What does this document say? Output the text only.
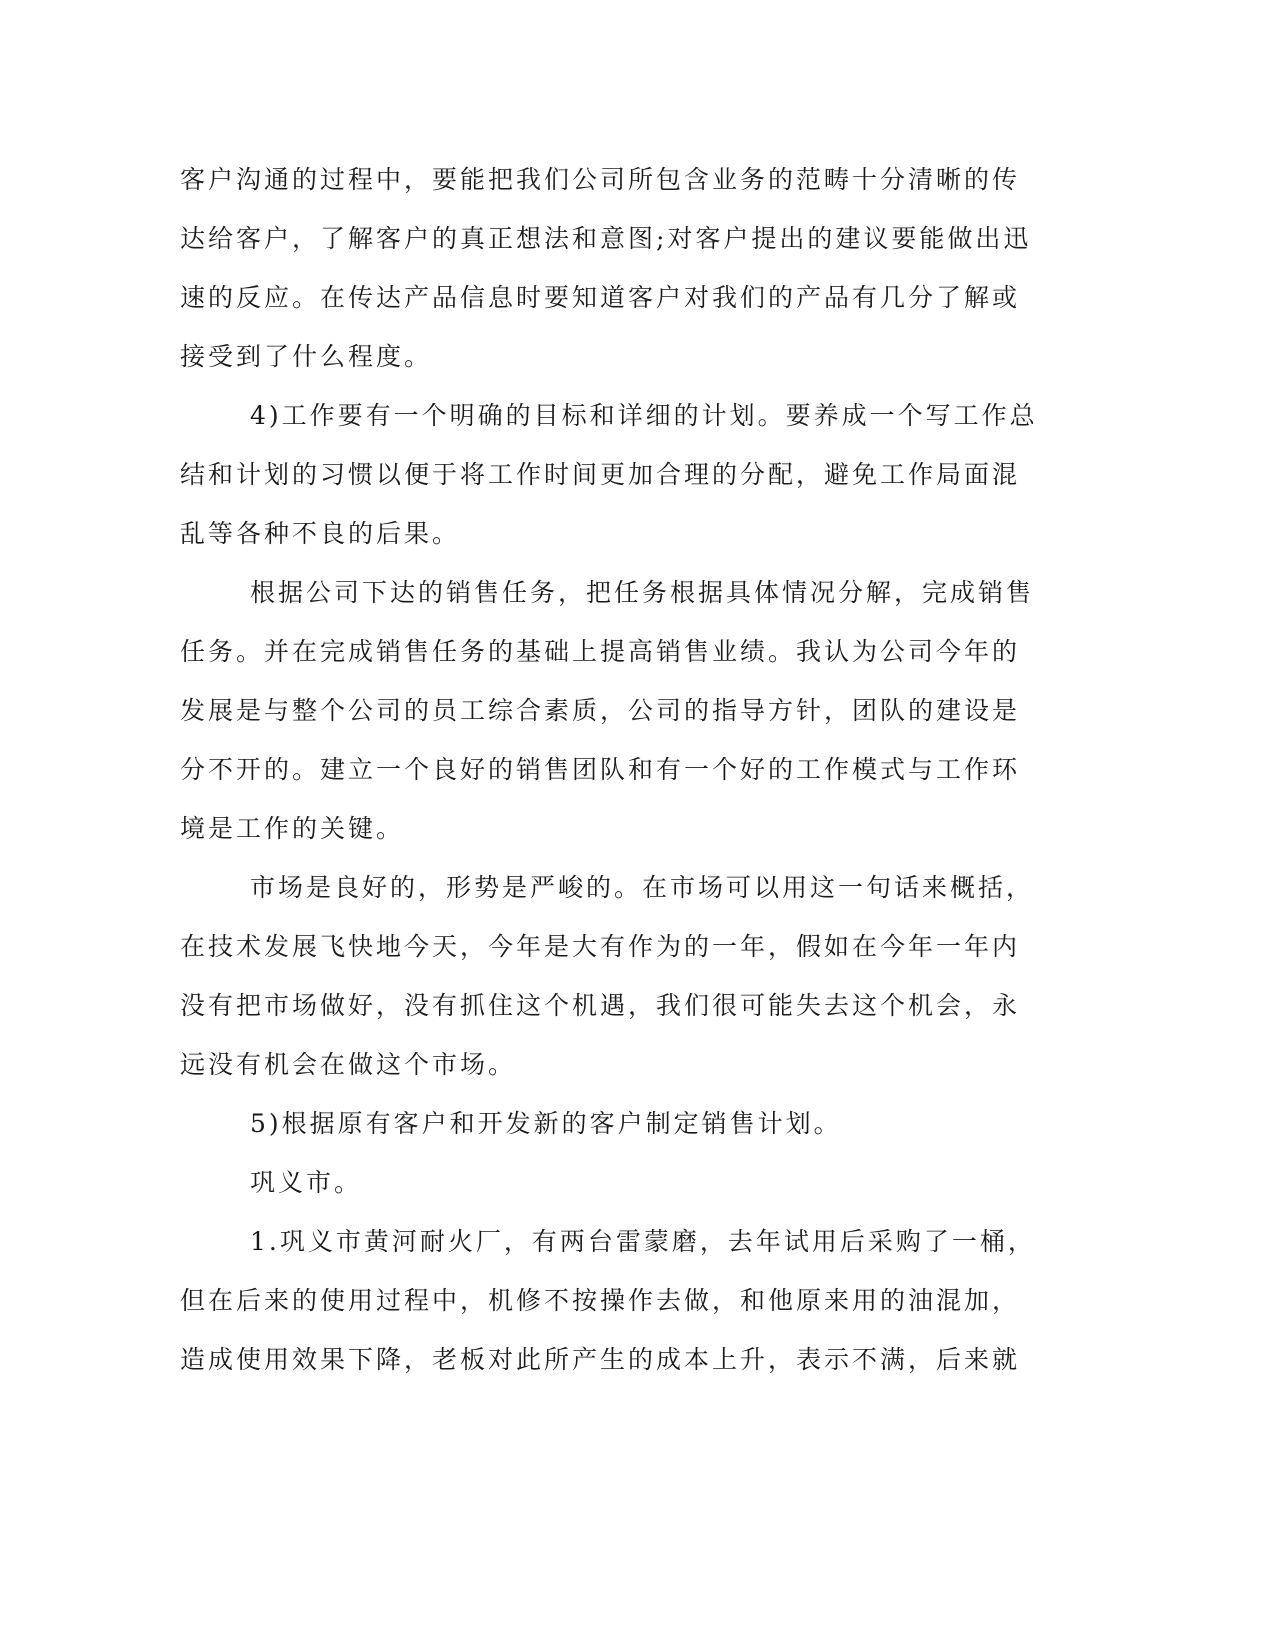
客户沟通的过程中，要能把我们公司所包含业务的范畴十分清晰的传

达给客户，了解客户的真正想法和意图;对客户提出的建议要能做出迅

速的反应。在传达产品信息时要知道客户对我们的产品有几分了解或

接受到了什么程度。

4)工作要有一个明确的目标和详细的计划。要养成一个写工作总

结和计划的习惯以便于将工作时间更加合理的分配，避免工作局面混

乱等各种不良的后果。

根据公司下达的销售任务，把任务根据具体情况分解，完成销售

任务。并在完成销售任务的基础上提高销售业绩。我认为公司今年的

发展是与整个公司的员工综合素质，公司的指导方针，团队的建设是

分不开的。建立一个良好的销售团队和有一个好的工作模式与工作环

境是工作的关键。

市场是良好的，形势是严峻的。在市场可以用这一句话来概括，

在技术发展飞快地今天，今年是大有作为的一年，假如在今年一年内

没有把市场做好，没有抓住这个机遇，我们很可能失去这个机会，永

远没有机会在做这个市场。

5)根据原有客户和开发新的客户制定销售计划。

巩义市。

1.巩义市黄河耐火厂，有两台雷蒙磨，去年试用后采购了一桶，

但在后来的使用过程中，机修不按操作去做，和他原来用的油混加，

造成使用效果下降，老板对此所产生的成本上升，表示不满，后来就
